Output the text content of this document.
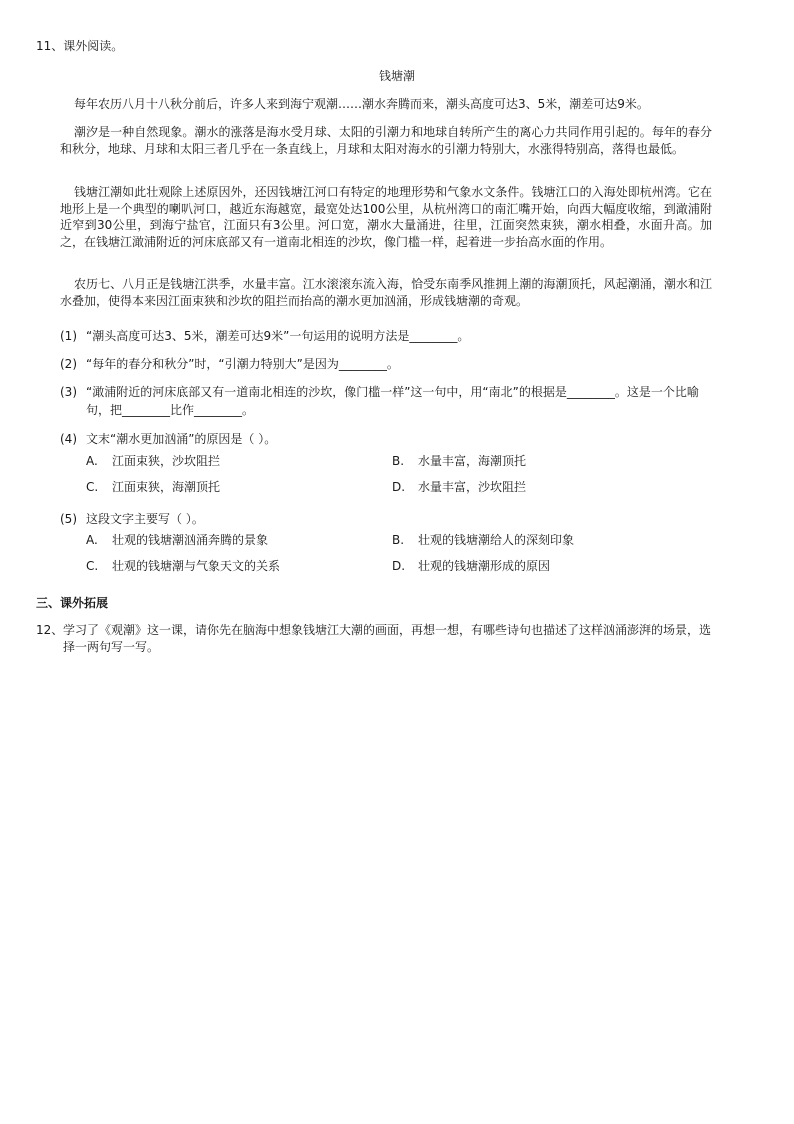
11、课外阅读。
钱塘潮

每年农历八月十八秋分前后，许多人来到海宁观潮……潮水奔腾而来，潮头高度可达3、5米，潮差可达9米。

潮汐是一种自然现象。潮水的涨落是海水受月球、太阳的引潮力和地球自转所产生的离心力共同作用引起的。每年的春分和秋分，地球、月球和太阳三者几乎在一条直线上，月球和太阳对海水的引潮力特别大，水涨得特别高，落得也最低。

钱塘江潮如此壮观除上述原因外，还因钱塘江河口有特定的地理形势和气象水文条件。钱塘江口的入海处即杭州湾。它在地形上是一个典型的喇叭河口，越近东海越宽，最宽处达100公里，从杭州湾口的南汇嘴开始，向西大幅度收缩，到澉浦附近窄到30公里，到海宁盐官，江面只有3公里。河口宽，潮水大量涌进，往里，江面突然束狭，潮水相叠，水面升高。加之，在钱塘江澉浦附近的河床底部又有一道南北相连的沙坎，像门槛一样，起着进一步抬高水面的作用。

农历七、八月正是钱塘江洪季，水量丰富。江水滚滚东流入海，恰受东南季风推拥上潮的海潮顶托，风起潮涌，潮水和江水叠加，使得本来因江面束狭和沙坎的阻拦而抬高的潮水更加汹涌，形成钱塘潮的奇观。

(1) “潮头高度可达3、5米，潮差可达9米”一句运用的说明方法是________。
(2) “每年的春分和秋分”时，“引潮力特别大”是因为________。
(3) “澉浦附近的河床底部又有一道南北相连的沙坎，像门槛一样”这一句中，用“南北”的根据是________。这是一个比喻句，把________比作________。
(4) 文末“潮水更加汹涌”的原因是（ ）。
A. 江面束狭，沙坎阻拦	B. 水量丰富，海潮顶托
C. 江面束狭，海潮顶托	D. 水量丰富，沙坎阻拦
(5) 这段文字主要写（ ）。
A. 壮观的钱塘潮汹涌奔腾的景象	B. 壮观的钱塘潮给人的深刻印象
C. 壮观的钱塘潮与气象天文的关系	D. 壮观的钱塘潮形成的原因
三、课外拓展
12、 学习了《观潮》这一课，请你先在脑海中想象钱塘江大潮的画面，再想一想，有哪些诗句也描述了这样汹涌澎湃的场景，选择一两句写一写。
